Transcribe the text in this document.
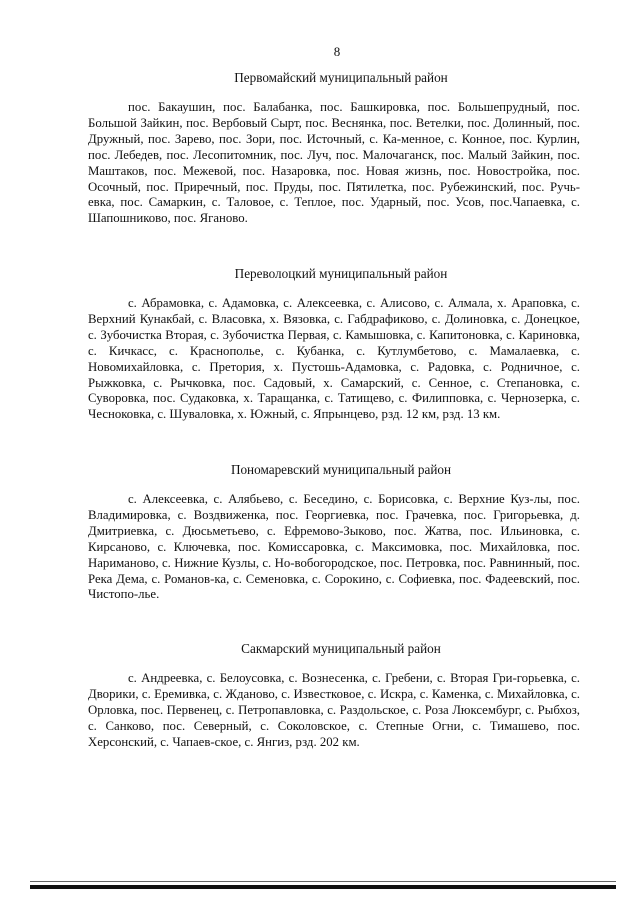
8
Первомайский муниципальный район

пос. Бакаушин, пос. Балабанка, пос. Башкировка, пос. Большепрудный, пос. Большой Зайкин, пос. Вербовый Сырт, пос. Веснянка, пос. Ветелки, пос. Долинный, пос. Дружный, пос. Зарево, пос. Зори, пос. Источный, с. Ка-менное, с. Конное, пос. Курлин, пос. Лебедев, пос. Лесопитомник, пос. Луч, пос. Малочаганск, пос. Малый Зайкин, пос. Маштаков, пос. Межевой, пос. Назаровка, пос. Новая жизнь, пос. Новостройка, пос. Осочный, пос. Приречный, пос. Пруды, пос. Пятилетка, пос. Рубежинский, пос. Ручь-евка, пос. Самаркин, с. Таловое, с. Теплое, пос. Ударный, пос. Усов, пос.Чапаевка, с. Шапошниково, пос. Яганово.

Переволоцкий муниципальный район

с. Абрамовка, с. Адамовка, с. Алексеевка, с. Алисово, с. Алмала, х. Араповка, с. Верхний Кунакбай, с. Власовка, х. Вязовка, с. Габдрафиково, с. Долиновка, с. Донецкое, с. Зубочистка Вторая, с. Зубочистка Первая, с. Камышовка, с. Капитоновка, с. Кариновка, с. Кичкасс, с. Краснополье, с. Кубанка, с. Кутлумбетово, с. Мамалаевка, с. Новомихайловка, с. Претория, х. Пустошь-Адамовка, с. Радовка, с. Родничное, с. Рыжковка, с. Рычковка, пос. Садовый, х. Самарский, с. Сенное, с. Степановка, с. Суворовка, пос. Судаковка, х. Таращанка, с. Татищево, с. Филипповка, с. Чернозерка, с. Чесноковка, с. Шуваловка, х. Южный, с. Япрынцево, рзд. 12 км, рзд. 13 км.

Пономаревский муниципальный район

с. Алексеевка, с. Алябьево, с. Беседино, с. Борисовка, с. Верхние Куз-лы, пос. Владимировка, с. Воздвиженка, пос. Георгиевка, пос. Грачевка, пос. Григорьевка, д. Дмитриевка, с. Дюсьметьево, с. Ефремово-Зыково, пос. Жатва, пос. Ильиновка, с. Кирсаново, с. Ключевка, пос. Комиссаровка, с. Максимовка, пос. Михайловка, пос. Нариманово, с. Нижние Кузлы, с. Но-вобогородское, пос. Петровка, пос. Равнинный, пос. Река Дема, с. Романов-ка, с. Семеновка, с. Сорокино, с. Софиевка, пос. Фадеевский, пос. Чистопо-лье.

Сакмарский муниципальный район

с. Андреевка, с. Белоусовка, с. Вознесенка, с. Гребени, с. Вторая Гри-горьевка, с. Дворики, с. Еремивка, с. Жданово, с. Известковое, с. Искра, с. Каменка, с. Михайловка, с. Орловка, пос. Первенец, с. Петропавловка, с. Раздольское, с. Роза Люксембург, с. Рыбхоз, с. Санково, пос. Северный, с. Соколовское, с. Степные Огни, с. Тимашево, пос. Херсонский, с. Чапаев-ское, с. Янгиз, рзд. 202 км.
